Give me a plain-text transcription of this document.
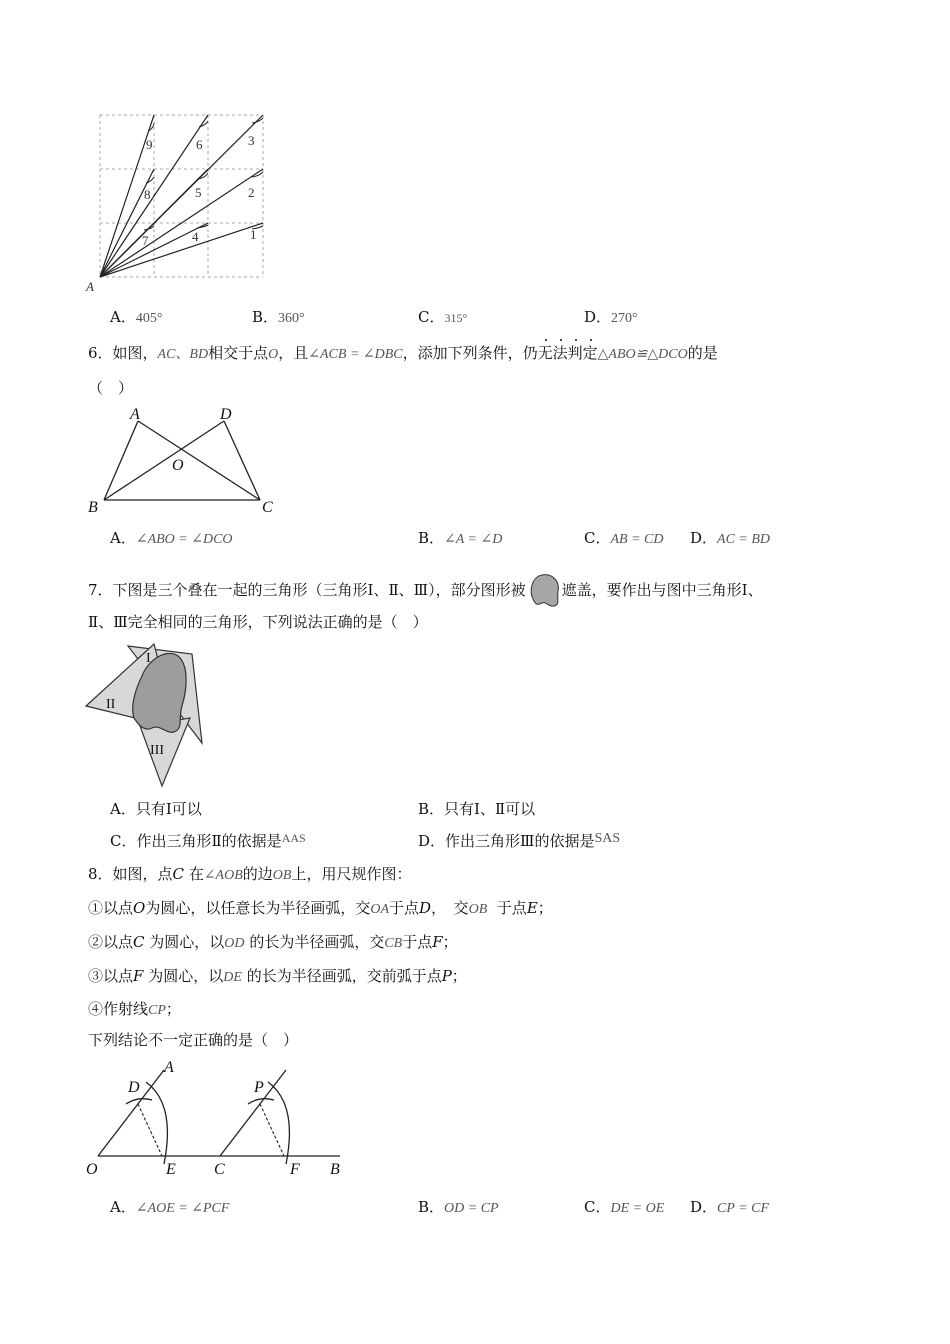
9	6	3
8	5	2
7	4	1
A
A．405°	B．360°	C．315°	D．270°
6．如图，AC、BD相交于点O，且∠ACB = ∠DBC，添加下列条件，仍无法判定
△ABO≌△DCO的是
（　）
A	D
O
B	C
A．∠ABO = ∠DCO	B．∠A = ∠D	C．AB = CD D．AC = BD
7．下图是三个叠在一起的三角形（三角形Ⅰ、Ⅱ、Ⅲ），部分图形被 遮盖，要作出与图中三角形Ⅰ、
Ⅱ、Ⅲ完全相同的三角形，下列说法正确的是（　）
I
II
III
A．只有Ⅰ可以	B．只有Ⅰ、Ⅱ可以
C．作出三角形Ⅱ的依据是$^{AAS}$	D．作出三角形Ⅲ的依据是SAS
8．如图，点C 在∠AOB的边OB上，用尺规作图：
①以点O为圆心，以任意长为半径画弧，交OA于点D，　交OB 于点E；
②以点C 为圆心，以OD 的长为半径画弧，交CB于点F；
③以点F 为圆心，以DE 的长为半径画弧，交前弧于点P；
④作射线CP；
下列结论不一定正确的是（　）
A
D	P
O	E C	F B
A．∠AOE = ∠PCF	B．OD = CP	C．DE = OE D．CP = CF
